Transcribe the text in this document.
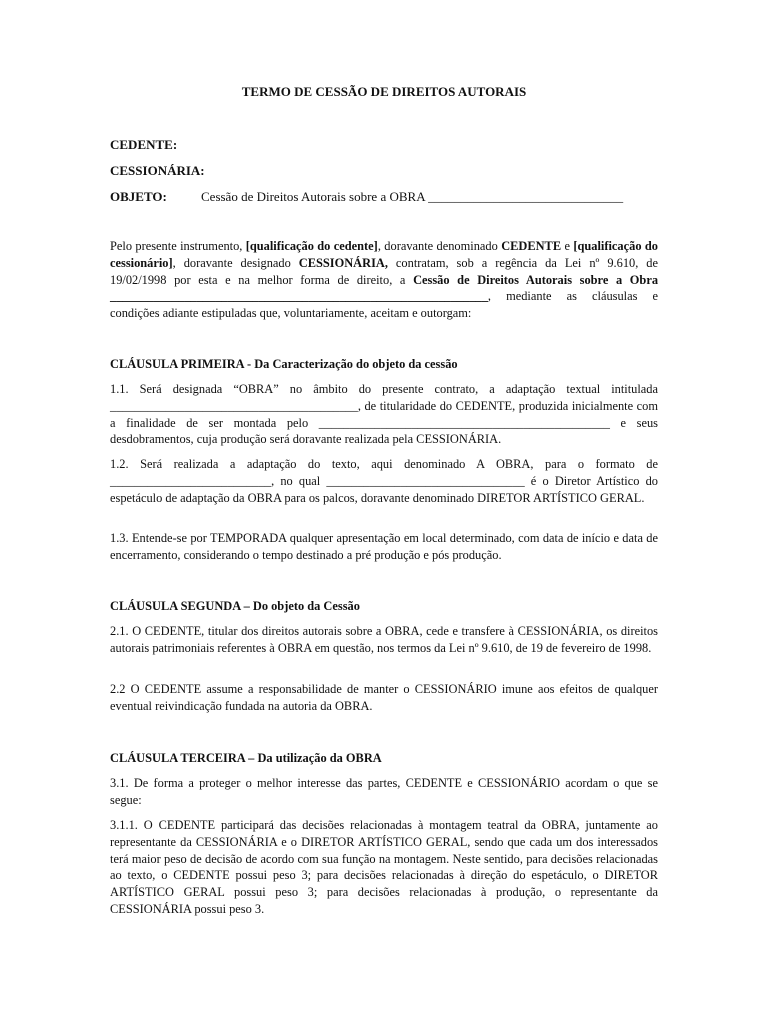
TERMO DE CESSÃO DE DIREITOS AUTORAIS
CEDENTE:
CESSIONÁRIA:
OBJETO:	Cessão de Direitos Autorais sobre a OBRA ______________________________

Pelo presente instrumento, [qualificação do cedente], doravante denominado CEDENTE e [qualificação do cessionário], doravante designado CESSIONÁRIA, contratam, sob a regência da Lei nº 9.610, de 19/02/1998 por esta e na melhor forma de direito, a Cessão de Direitos Autorais sobre a Obra _____________________________________________________________, mediante as cláusulas e condições adiante estipuladas que, voluntariamente, aceitam e outorgam:

CLÁUSULA PRIMEIRA - Da Caracterização do objeto da cessão

1.1. Será designada “OBRA” no âmbito do presente contrato, a adaptação textual intitulada ________________________________________, de titularidade do CEDENTE, produzida inicialmente com a finalidade de ser montada pelo _______________________________________________ e seus desdobramentos, cuja produção será doravante realizada pela CESSIONÁRIA.

1.2. Será realizada a adaptação do texto, aqui denominado A OBRA, para o formato de __________________________, no qual ________________________________ é o Diretor Artístico do espetáculo de adaptação da OBRA para os palcos, doravante denominado DIRETOR ARTÍSTICO GERAL.

1.3. Entende-se por TEMPORADA qualquer apresentação em local determinado, com data de início e data de encerramento, considerando o tempo destinado a pré produção e pós produção.

CLÁUSULA SEGUNDA – Do objeto da Cessão

2.1. O CEDENTE, titular dos direitos autorais sobre a OBRA, cede e transfere à CESSIONÁRIA, os direitos autorais patrimoniais referentes à OBRA em questão, nos termos da Lei nº 9.610, de 19 de fevereiro de 1998.

2.2 O CEDENTE assume a responsabilidade de manter o CESSIONÁRIO imune aos efeitos de qualquer eventual reivindicação fundada na autoria da OBRA.

CLÁUSULA TERCEIRA – Da utilização da OBRA

3.1. De forma a proteger o melhor interesse das partes, CEDENTE e CESSIONÁRIO acordam o que se segue:

3.1.1. O CEDENTE participará das decisões relacionadas à montagem teatral da OBRA, juntamente ao representante da CESSIONÁRIA e o DIRETOR ARTÍSTICO GERAL, sendo que cada um dos interessados terá maior peso de decisão de acordo com sua função na montagem. Neste sentido, para decisões relacionadas ao texto, o CEDENTE possui peso 3; para decisões relacionadas à direção do espetáculo, o DIRETOR ARTÍSTICO GERAL possui peso 3; para decisões relacionadas à produção, o representante da CESSIONÁRIA possui peso 3.
